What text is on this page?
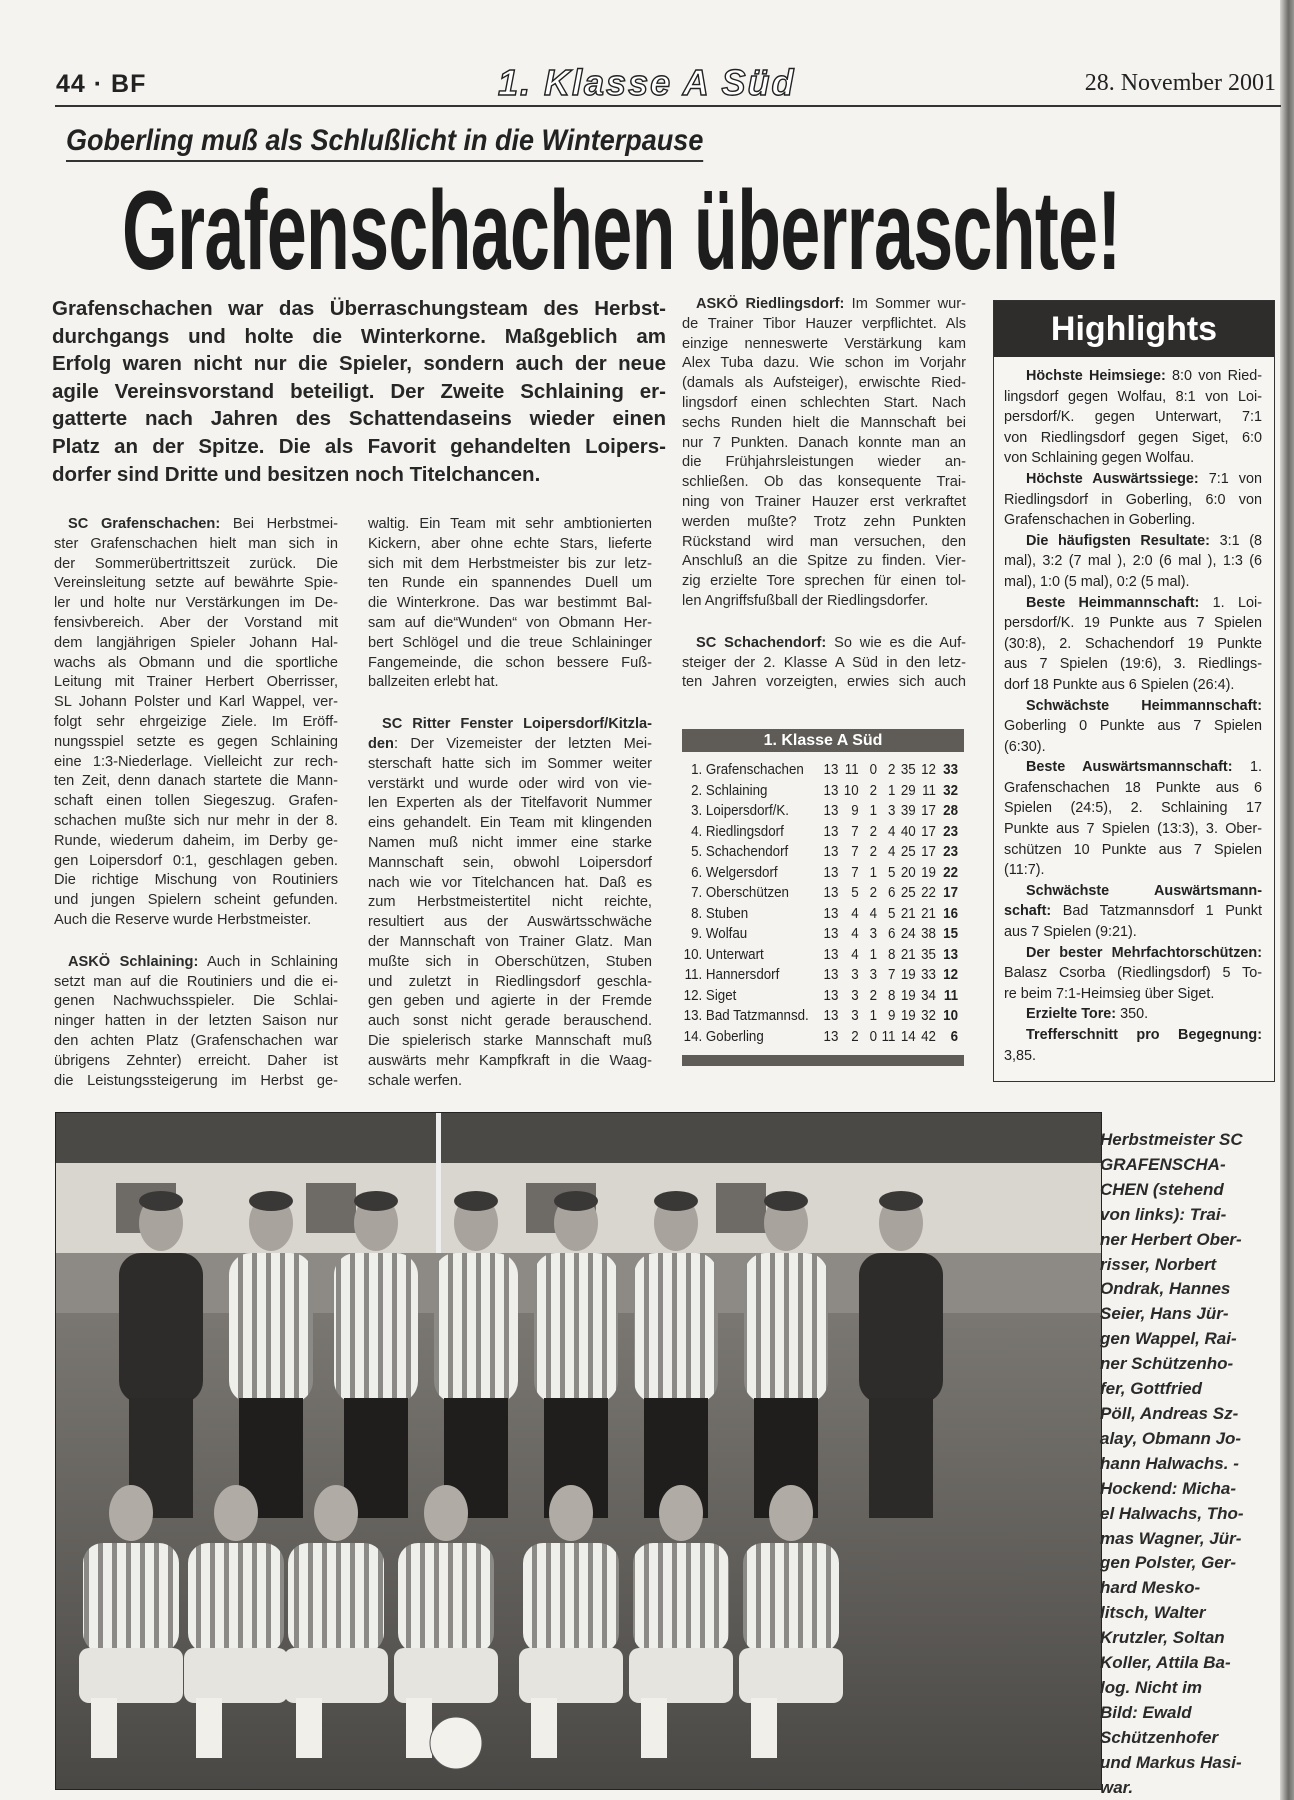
44 · BF	1. Klasse A Süd	28. November 2001
Goberling muß als Schlußlicht in die Winterpause
Grafenschachen überraschte!
Grafenschachen war das Überraschungsteam des Herbst-
durchgangs und holte die Winterkorne. Maßgeblich am
Erfolg waren nicht nur die Spieler, sondern auch der neue
agile Vereinsvorstand beteiligt. Der Zweite Schlaining er-
gatterte nach Jahren des Schattendaseins wieder einen
Platz an der Spitze. Die als Favorit gehandelten Loipers-
dorfer sind Dritte und besitzen noch Titelchancen.
SC Grafenschachen: Bei Herbstmei-
ster Grafenschachen hielt man sich in
der Sommerübertrittszeit zurück. Die
Vereinsleitung setzte auf bewährte Spie-
ler und holte nur Verstärkungen im De-
fensivbereich. Aber der Vorstand mit
dem langjährigen Spieler Johann Hal-
wachs als Obmann und die sportliche
Leitung mit Trainer Herbert Oberrisser,
SL Johann Polster und Karl Wappel, ver-
folgt sehr ehrgeizige Ziele. Im Eröff-
nungsspiel setzte es gegen Schlaining
eine 1:3-Niederlage. Vielleicht zur rech-
ten Zeit, denn danach startete die Mann-
schaft einen tollen Siegeszug. Grafen-
schachen mußte sich nur mehr in der 8.
Runde, wiederum daheim, im Derby ge-
gen Loipersdorf 0:1, geschlagen geben.
Die richtige Mischung von Routiniers
und jungen Spielern scheint gefunden.
Auch die Reserve wurde Herbstmeister.
ASKÖ Schlaining: Auch in Schlaining
setzt man auf die Routiniers und die ei-
genen Nachwuchsspieler. Die Schlai-
ninger hatten in der letzten Saison nur
den achten Platz (Grafenschachen war
übrigens Zehnter) erreicht. Daher ist
die Leistungssteigerung im Herbst ge-
waltig. Ein Team mit sehr ambtionierten
Kickern, aber ohne echte Stars, lieferte
sich mit dem Herbstmeister bis zur letz-
ten Runde ein spannendes Duell um
die Winterkrone. Das war bestimmt Bal-
sam auf die“Wunden“ von Obmann Her-
bert Schlögel und die treue Schlaininger
Fangemeinde, die schon bessere Fuß-
ballzeiten erlebt hat.
SC Ritter Fenster Loipersdorf/Kitzla-
den: Der Vizemeister der letzten Mei-
sterschaft hatte sich im Sommer weiter
verstärkt und wurde oder wird von vie-
len Experten als der Titelfavorit Nummer
eins gehandelt. Ein Team mit klingenden
Namen muß nicht immer eine starke
Mannschaft sein, obwohl Loipersdorf
nach wie vor Titelchancen hat. Daß es
zum Herbstmeistertitel nicht reichte,
resultiert aus der Auswärtsschwäche
der Mannschaft von Trainer Glatz. Man
mußte sich in Oberschützen, Stuben
und zuletzt in Riedlingsdorf geschla-
gen geben und agierte in der Fremde
auch sonst nicht gerade berauschend.
Die spielerisch starke Mannschaft muß
auswärts mehr Kampfkraft in die Waag-
schale werfen.
ASKÖ Riedlingsdorf: Im Sommer wur-
de Trainer Tibor Hauzer verpflichtet. Als
einzige nenneswerte Verstärkung kam
Alex Tuba dazu. Wie schon im Vorjahr
(damals als Aufsteiger), erwischte Ried-
lingsdorf einen schlechten Start. Nach
sechs Runden hielt die Mannschaft bei
nur 7 Punkten. Danach konnte man an
die Frühjahrsleistungen wieder an-
schließen. Ob das konsequente Trai-
ning von Trainer Hauzer erst verkraftet
werden mußte? Trotz zehn Punkten
Rückstand wird man versuchen, den
Anschluß an die Spitze zu finden. Vier-
zig erzielte Tore sprechen für einen tol-
len Angriffsfußball der Riedlingsdorfer.
SC Schachendorf: So wie es die Auf-
steiger der 2. Klasse A Süd in den letz-
ten Jahren vorzeigten, erwies sich auch
1. Klasse A Süd
1. Grafenschachen	13 11 0 2 35 12 33
2. Schlaining	13 10 2 1 29 11 32
3. Loipersdorf/K.	13 9 1 3 39 17 28
4. Riedlingsdorf	13 7 2 4 40 17 23
5. Schachendorf	13 7 2 4 25 17 23
6. Welgersdorf	13 7 1 5 20 19 22
7. Oberschützen	13 5 2 6 25 22 17
8. Stuben	13 4 4 5 21 21 16
9. Wolfau	13 4 3 6 24 38 15
10. Unterwart	13 4 1 8 21 35 13
11. Hannersdorf	13 3 3 7 19 33 12
12. Siget	13 3 2 8 19 34 11
13. Bad Tatzmannsd.	13 3 1 9 19 32 10
14. Goberling	13 2 0 11 14 42	6
Highlights
Höchste Heimsiege: 8:0 von Ried-
lingsdorf gegen Wolfau, 8:1 von Loi-
persdorf/K. gegen Unterwart, 7:1
von Riedlingsdorf gegen Siget, 6:0
von Schlaining gegen Wolfau.
Höchste Auswärtssiege: 7:1 von
Riedlingsdorf in Goberling, 6:0 von
Grafenschachen in Goberling.
Die häufigsten Resultate: 3:1 (8
mal), 3:2 (7 mal ), 2:0 (6 mal ), 1:3 (6
mal), 1:0 (5 mal), 0:2 (5 mal).
Beste Heimmannschaft: 1. Loi-
persdorf/K. 19 Punkte aus 7 Spielen
(30:8), 2. Schachendorf 19 Punkte
aus 7 Spielen (19:6), 3. Riedlings-
dorf 18 Punkte aus 6 Spielen (26:4).
Schwächste Heimmannschaft:
Goberling 0 Punkte aus 7 Spielen
(6:30).
Beste Auswärtsmannschaft: 1.
Grafenschachen 18 Punkte aus 6
Spielen (24:5), 2. Schlaining 17
Punkte aus 7 Spielen (13:3), 3. Ober-
schützen 10 Punkte aus 7 Spielen
(11:7).
Schwächste Auswärtsmann-
schaft: Bad Tatzmannsdorf 1 Punkt
aus 7 Spielen (9:21).
Der bester Mehrfachtorschützen:
Balasz Csorba (Riedlingsdorf) 5 To-
re beim 7:1-Heimsieg über Siget.
Erzielte Tore: 350.
Trefferschnitt pro Begegnung:
3,85.
Herbstmeister SC
GRAFENSCHA-
CHEN (stehend
von links): Trai-
ner Herbert Ober-
risser, Norbert
Ondrak, Hannes
Seier, Hans Jür-
gen Wappel, Rai-
ner Schützenho-
fer, Gottfried
Pöll, Andreas Sz-
alay, Obmann Jo-
hann Halwachs. -
Hockend: Micha-
el Halwachs, Tho-
mas Wagner, Jür-
gen Polster, Ger-
hard Mesko-
litsch, Walter
Krutzler, Soltan
Koller, Attila Ba-
log. Nicht im
Bild: Ewald
Schützenhofer
und Markus Hasi-
war.
